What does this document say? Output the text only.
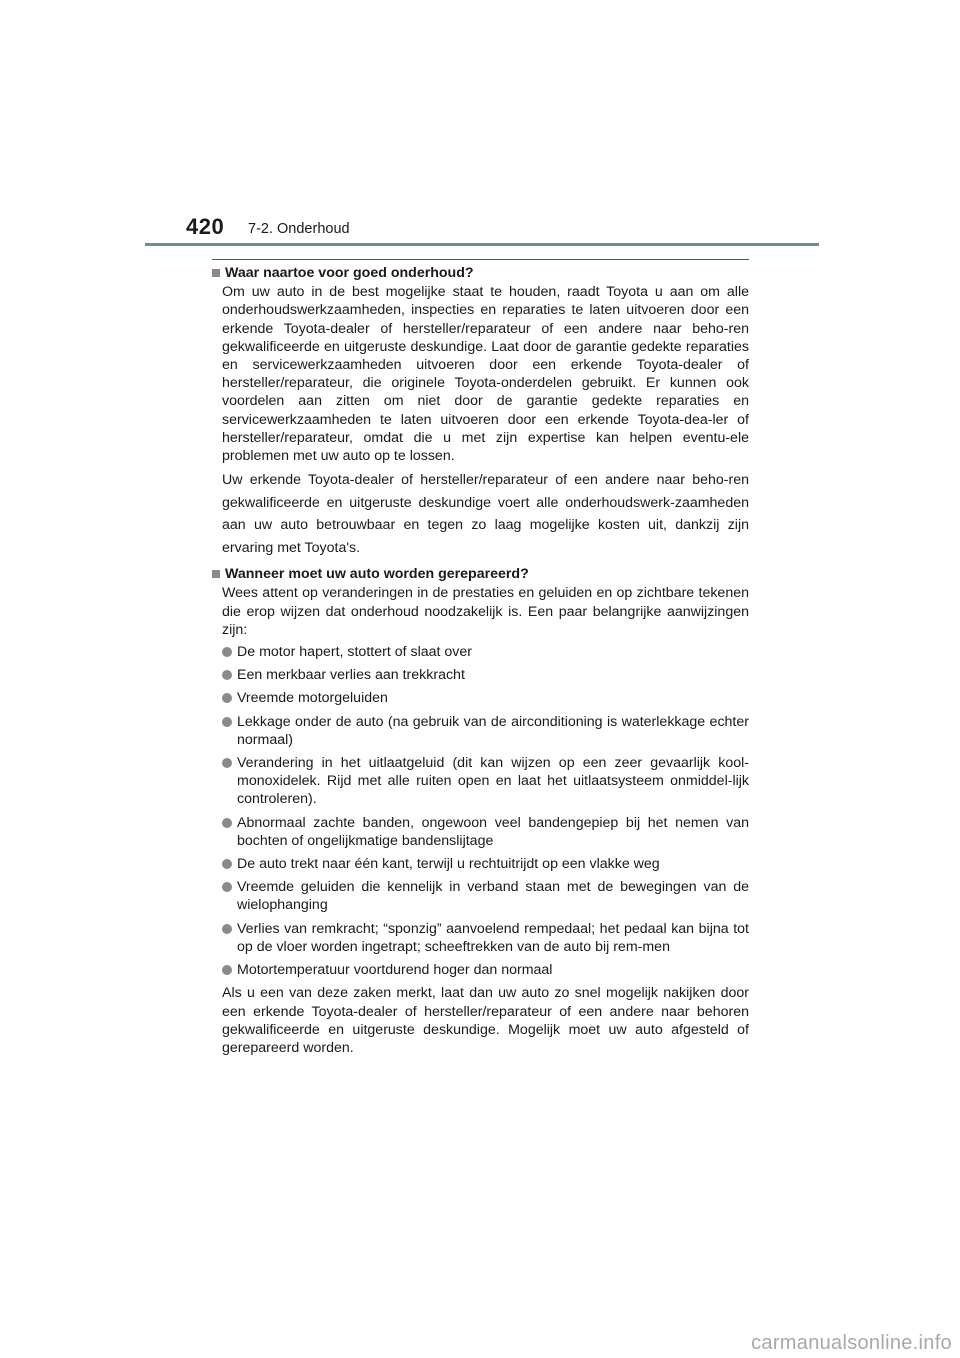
420 7-2. Onderhoud
Waar naartoe voor goed onderhoud?

Om uw auto in de best mogelijke staat te houden, raadt Toyota u aan om alle onderhoudswerkzaamheden, inspecties en reparaties te laten uitvoeren door een erkende Toyota-dealer of hersteller/reparateur of een andere naar beho-ren gekwalificeerde en uitgeruste deskundige. Laat door de garantie gedekte reparaties en servicewerkzaamheden uitvoeren door een erkende Toyota-dealer of hersteller/reparateur, die originele Toyota-onderdelen gebruikt. Er kunnen ook voordelen aan zitten om niet door de garantie gedekte reparaties en servicewerkzaamheden te laten uitvoeren door een erkende Toyota-dea-ler of hersteller/reparateur, omdat die u met zijn expertise kan helpen eventu-ele problemen met uw auto op te lossen.

Uw erkende Toyota-dealer of hersteller/reparateur of een andere naar beho-ren gekwalificeerde en uitgeruste deskundige voert alle onderhoudswerk-zaamheden aan uw auto betrouwbaar en tegen zo laag mogelijke kosten uit, dankzij zijn ervaring met Toyota's.

Wanneer moet uw auto worden gerepareerd?

Wees attent op veranderingen in de prestaties en geluiden en op zichtbare tekenen die erop wijzen dat onderhoud noodzakelijk is. Een paar belangrijke aanwijzingen zijn:

De motor hapert, stottert of slaat over
Een merkbaar verlies aan trekkracht
Vreemde motorgeluiden
Lekkage onder de auto (na gebruik van de airconditioning is waterlekkage echter normaal)
Verandering in het uitlaatgeluid (dit kan wijzen op een zeer gevaarlijk kool-monoxidelek. Rijd met alle ruiten open en laat het uitlaatsysteem onmiddel-lijk controleren).
Abnormaal zachte banden, ongewoon veel bandengepiep bij het nemen van bochten of ongelijkmatige bandenslijtage
De auto trekt naar één kant, terwijl u rechtuitrijdt op een vlakke weg
Vreemde geluiden die kennelijk in verband staan met de bewegingen van de wielophanging
Verlies van remkracht; “sponzig” aanvoelend rempedaal; het pedaal kan bijna tot op de vloer worden ingetrapt; scheeftrekken van de auto bij rem-men
Motortemperatuur voortdurend hoger dan normaal

Als u een van deze zaken merkt, laat dan uw auto zo snel mogelijk nakijken door een erkende Toyota-dealer of hersteller/reparateur of een andere naar behoren gekwalificeerde en uitgeruste deskundige. Mogelijk moet uw auto afgesteld of gerepareerd worden.

carmanualsonline.info
